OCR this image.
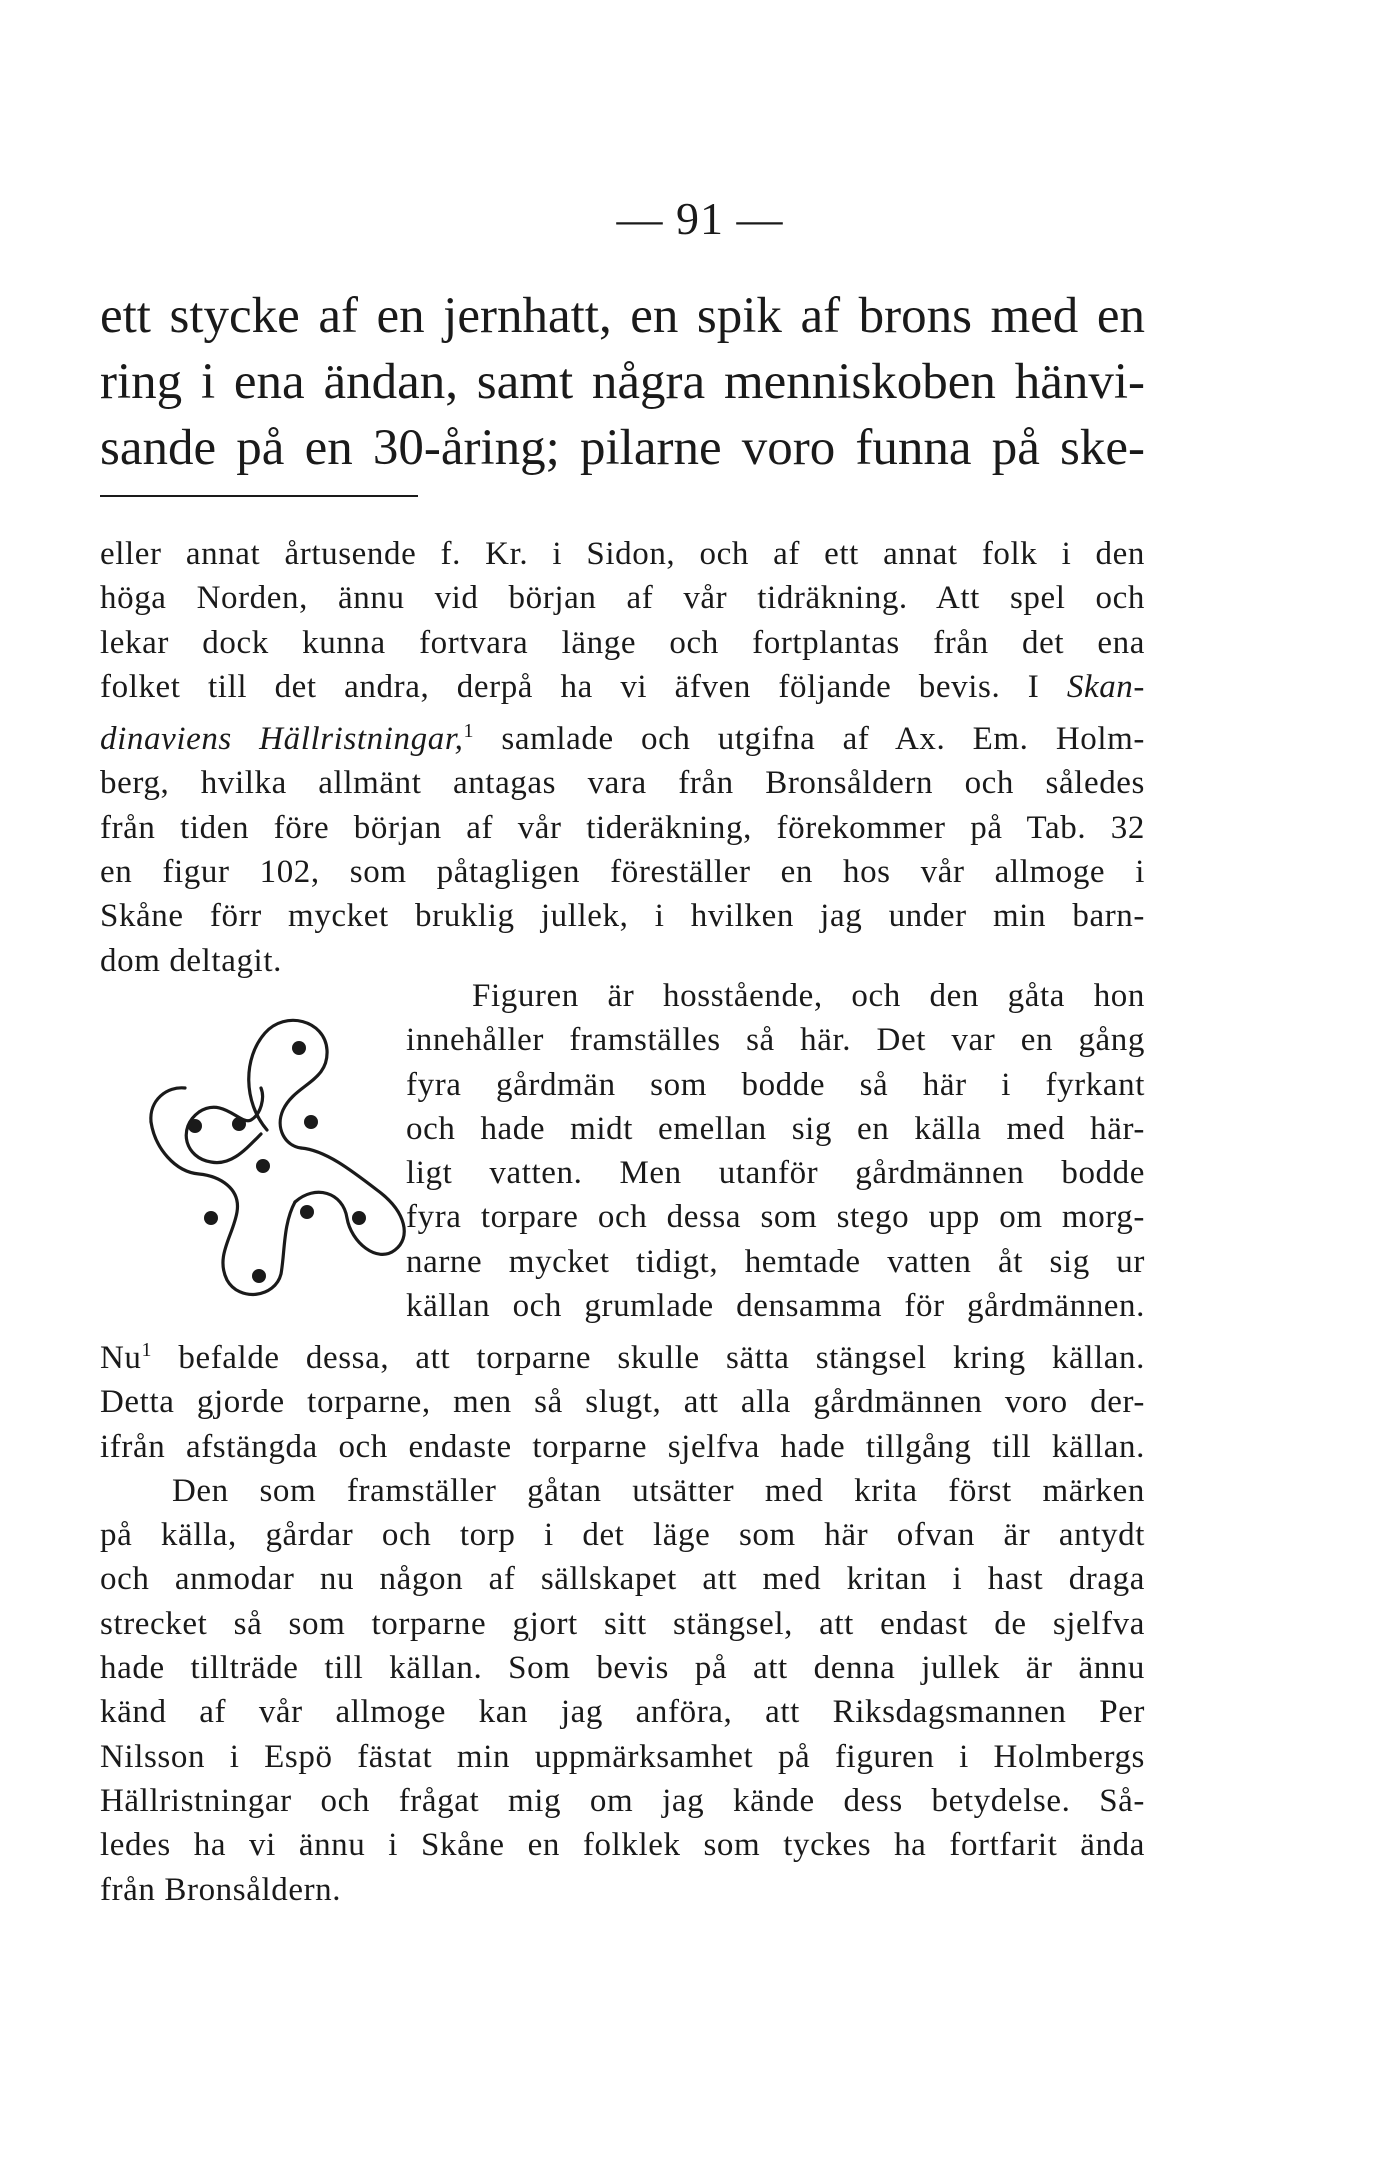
— 91 —
ett stycke af en jernhatt, en spik af brons med en
ring i ena ändan, samt några menniskoben hänvi-
sande på en 30-åring; pilarne voro funna på ske-
eller annat årtusende f. Kr. i Sidon, och af ett annat folk i den
höga Norden, ännu vid början af vår tidräkning. Att spel och
lekar dock kunna fortvara länge och fortplantas från det ena
folket till det andra, derpå ha vi äfven följande bevis. I Skan-
dinaviens Hällristningar,$^1$ samlade och utgifna af Ax. Em. Holm-
berg, hvilka allmänt antagas vara från Bronsåldern och således
från tiden före början af vår tideräkning, förekommer på Tab. 32
en figur 102, som påtagligen föreställer en hos vår allmoge i
Skåne förr mycket bruklig jullek, i hvilken jag under min barn-
dom deltagit.
Figuren är hosstående, och den gåta hon
innehåller framställes så här. Det var en gång
fyra gårdmän som bodde så här i fyrkant
och hade midt emellan sig en källa med här-
ligt vatten. Men utanför gårdmännen bodde
fyra torpare och dessa som stego upp om morg-
narne mycket tidigt, hemtade vatten åt sig ur
källan och grumlade densamma för gårdmännen.
Nu$^1$ befalde dessa, att torparne skulle sätta stängsel kring källan.
Detta gjorde torparne, men så slugt, att alla gårdmännen voro der-
ifrån afstängda och endaste torparne sjelfva hade tillgång till källan.
Den som framställer gåtan utsätter med krita först märken
på källa, gårdar och torp i det läge som här ofvan är antydt
och anmodar nu någon af sällskapet att med kritan i hast draga
strecket så som torparne gjort sitt stängsel, att endast de sjelfva
hade tillträde till källan. Som bevis på att denna jullek är ännu
känd af vår allmoge kan jag anföra, att Riksdagsmannen Per
Nilsson i Espö fästat min uppmärksamhet på figuren i Holmbergs
Hällristningar och frågat mig om jag kände dess betydelse. Så-
ledes ha vi ännu i Skåne en folklek som tyckes ha fortfarit ända
från Bronsåldern.
